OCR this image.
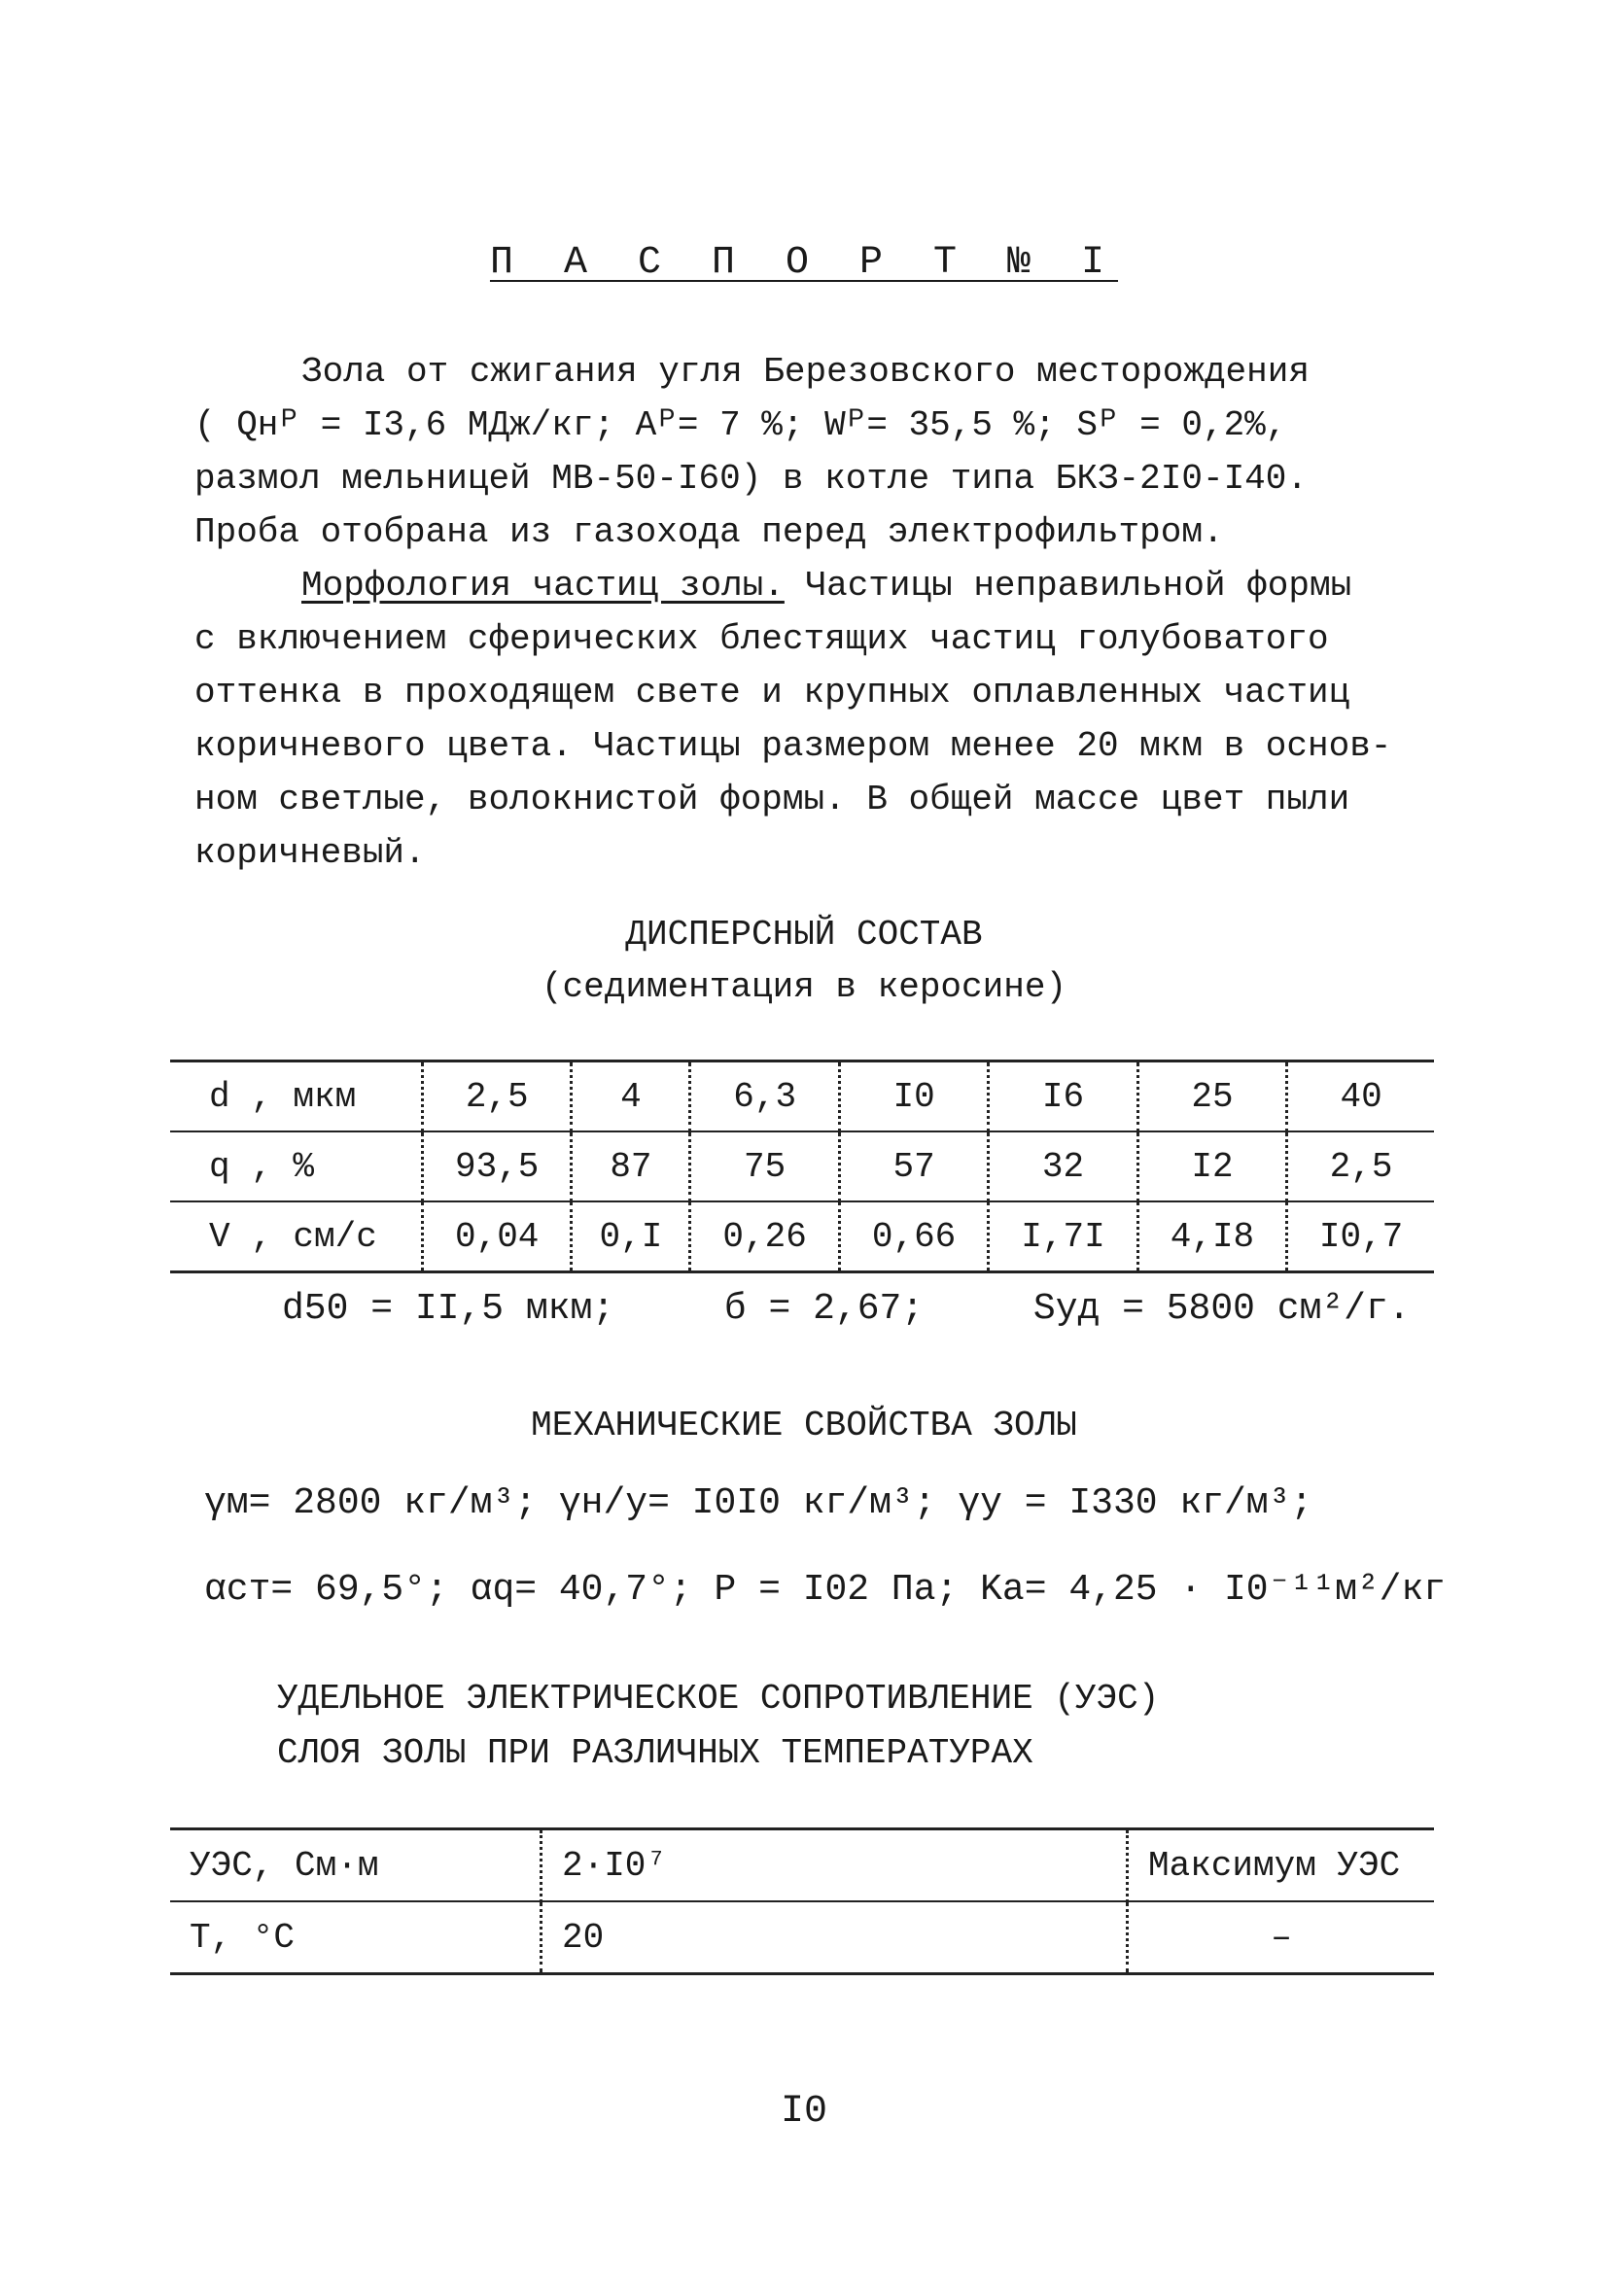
П А С П О Р Т № I

Зола от сжигания угля Березовского месторождения
( Qнᴾ = I3,6 МДж/кг; Aᴾ= 7 %; Wᴾ= 35,5 %; Sᴾ = 0,2%,
размол мельницей МВ-50-I60) в котле типа БКЗ-2I0-I40.
Проба отобрана из газохода перед электрофильтром.

Морфология частиц золы. Частицы неправильной формы
с включением сферических блестящих частиц голубоватого
оттенка в проходящем свете и крупных оплавленных частиц
коричневого цвета. Частицы размером менее 20 мкм в основ-
ном светлые, волокнистой формы. В общей массе цвет пыли
коричневый.

ДИСПЕРСНЫЙ СОСТАВ
(седиментация в керосине)
d , мкм	2,5	4	6,3	I0	I6	25	40
q , %	93,5	87	75	57	32	I2	2,5
V , см/с	0,04	0,I	0,26	0,66	I,7I	4,I8	I0,7
d50 = II,5 мкм;	б = 2,67;	Sуд = 5800 см²/г.
МЕХАНИЧЕСКИЕ СВОЙСТВА ЗОЛЫ
γм= 2800 кг/м³; γн/у= I0I0 кг/м³; γу = I330 кг/м³;
αст= 69,5°; αq= 40,7°; P = I02 Па; Kа= 4,25 · I0⁻¹¹м²/кг
УДЕЛЬНОЕ ЭЛЕКТРИЧЕСКОЕ СОПРОТИВЛЕНИЕ (УЭС)
СЛОЯ ЗОЛЫ ПРИ РАЗЛИЧНЫХ ТЕМПЕРАТУРАХ
УЭС, См·м	2·I0⁷	Максимум УЭС
T, °С	20	–
I0
